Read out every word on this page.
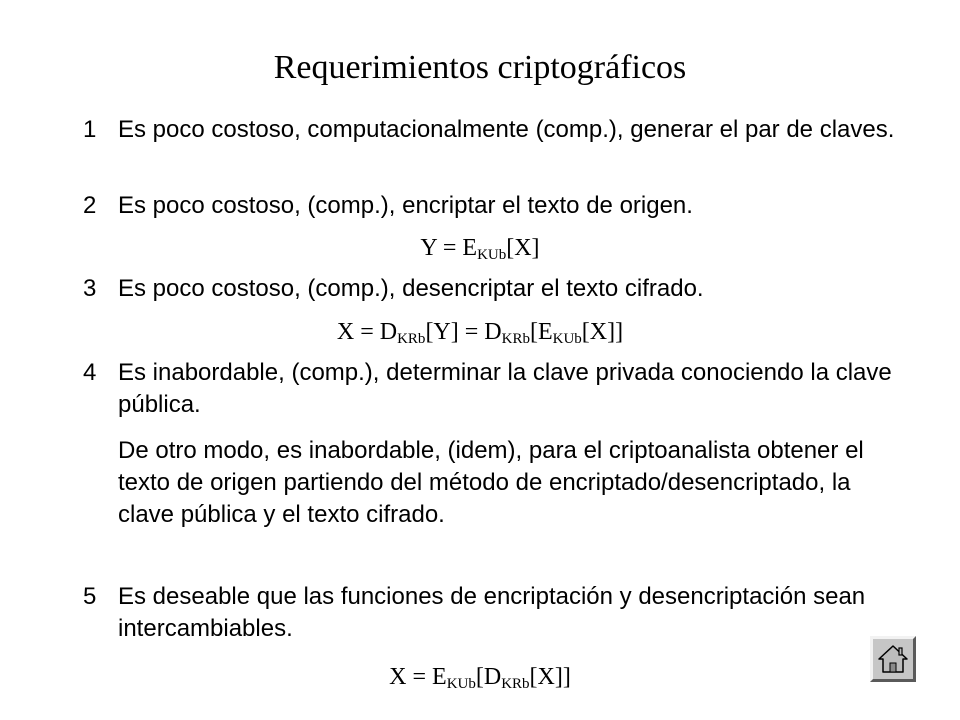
Requerimientos criptográficos
1 Es poco costoso, computacionalmente (comp.), generar el par de claves.

2 Es poco costoso, (comp.), encriptar el texto de origen.

$Y = E_{KUb}[X]$
3 Es poco costoso, (comp.), desencriptar el texto cifrado.

$X = D_{KRb}[Y] = D_{KRb}[E_{KUb}[X]]$
4 Es inabordable, (comp.), determinar la clave privada conociendo la clave pública.

De otro modo, es inabordable, (idem), para el criptoanalista obtener el texto de origen partiendo del método de encriptado/desencriptado, la clave pública y el texto cifrado.

5 Es deseable que las funciones de encriptación y desencriptación sean intercambiables.

$X = E_{KUb}[D_{KRb}[X]]$
